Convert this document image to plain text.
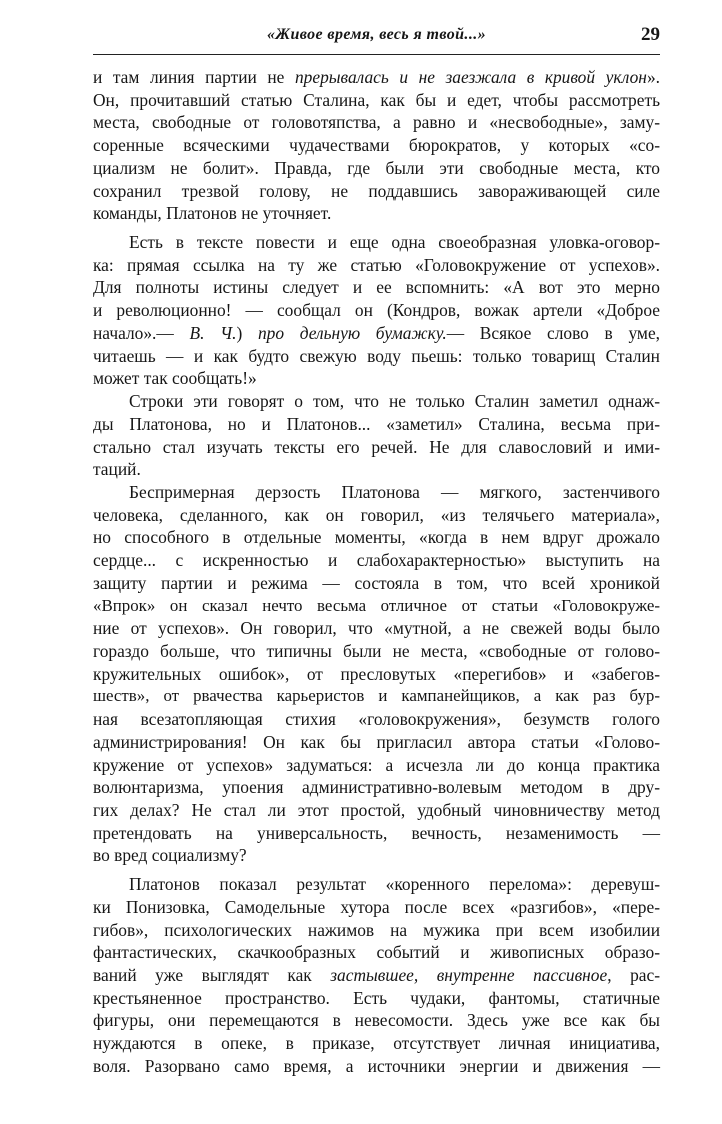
«Живое время, весь я твой...»	29
и там линия партии не прерывалась и не заезжала в кривой уклон».
Он, прочитавший статью Сталина, как бы и едет, чтобы рассмотреть
места, свободные от головотяпства, а равно и «несвободные», заму-
соренные всяческими чудачествами бюрократов, у которых «со-
циализм не болит». Правда, где были эти свободные места, кто
сохранил трезвой голову, не поддавшись завораживающей силе
команды, Платонов не уточняет.
Есть в тексте повести и еще одна своеобразная уловка-оговор-
ка: прямая ссылка на ту же статью «Головокружение от успехов».
Для полноты истины следует и ее вспомнить: «А вот это мерно
и революционно! — сообщал он (Кондров, вожак артели «Доброе
начало».— В. Ч.) про дельную бумажку.— Всякое слово в уме,
читаешь — и как будто свежую воду пьешь: только товарищ Сталин
может так сообщать!»
Строки эти говорят о том, что не только Сталин заметил однаж-
ды Платонова, но и Платонов... «заметил» Сталина, весьма при-
стально стал изучать тексты его речей. Не для славословий и ими-
таций.
Беспримерная дерзость Платонова — мягкого, застенчивого
человека, сделанного, как он говорил, «из телячьего материала»,
но способного в отдельные моменты, «когда в нем вдруг дрожало
сердце... с искренностью и слабохарактерностью» выступить на
защиту партии и режима — состояла в том, что всей хроникой
«Впрок» он сказал нечто весьма отличное от статьи «Головокруже-
ние от успехов». Он говорил, что «мутной, а не свежей воды было
гораздо больше, что типичны были не места, «свободные от голово-
кружительных ошибок», от пресловутых «перегибов» и «забегов-
шеств», от рвачества карьеристов и кампанейщиков, а как раз бур-
ная всезатопляющая стихия «головокружения», безумств голого
администрирования! Он как бы пригласил автора статьи «Голово-
кружение от успехов» задуматься: а исчезла ли до конца практика
волюнтаризма, упоения административно-волевым методом в дру-
гих делах? Не стал ли этот простой, удобный чиновничеству метод
претендовать на универсальность, вечность, незаменимость —
во вред социализму?
Платонов показал результат «коренного перелома»: деревуш-
ки Понизовка, Самодельные хутора после всех «разгибов», «пере-
гибов», психологических нажимов на мужика при всем изобилии
фантастических, скачкообразных событий и живописных образо-
ваний уже выглядят как застывшее, внутренне пассивное, рас-
крестьяненное пространство. Есть чудаки, фантомы, статичные
фигуры, они перемещаются в невесомости. Здесь уже все как бы
нуждаются в опеке, в приказе, отсутствует личная инициатива,
воля. Разорвано само время, а источники энергии и движения —
